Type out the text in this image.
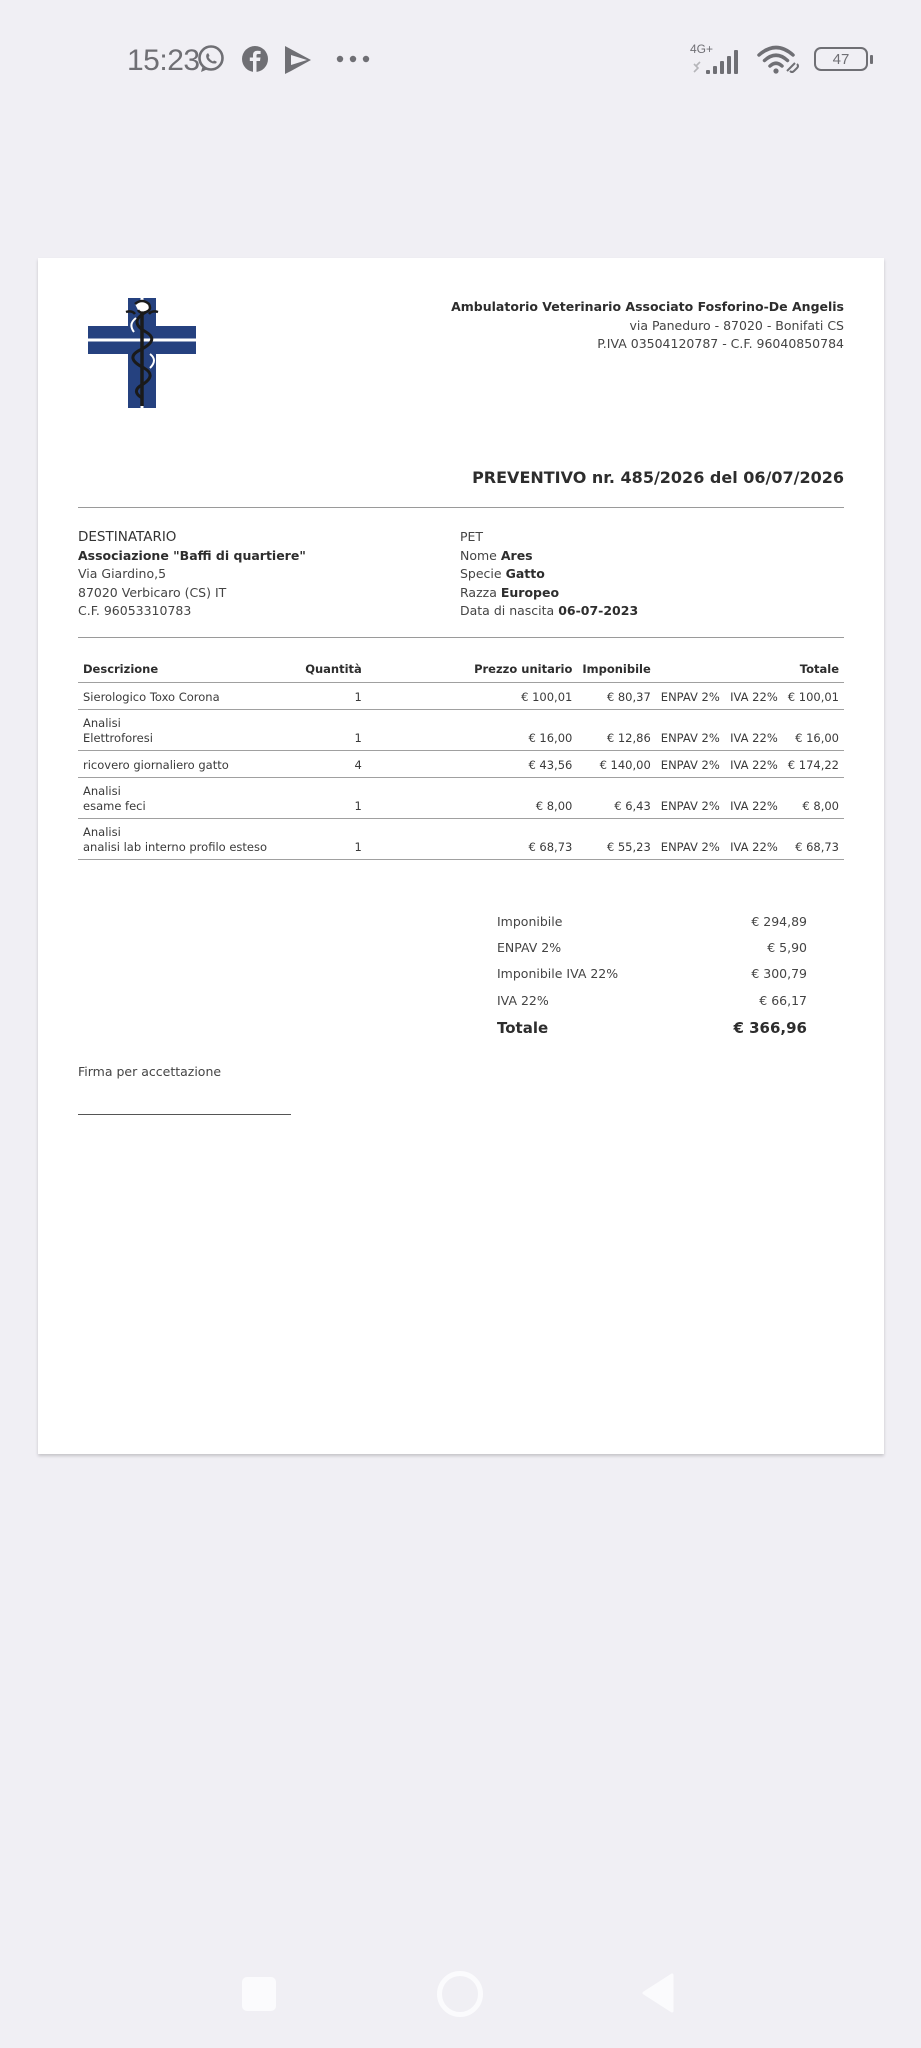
15:23	4G+
47
Ambulatorio Veterinario Associato Fosforino-De Angelis
via Paneduro - 87020 - Bonifati CS
P.IVA 03504120787 - C.F. 96040850784
PREVENTIVO nr. 485/2026 del 06/07/2026
DESTINATARIO
Associazione "Baffi di quartiere"
Via Giardino,5
87020 Verbicaro (CS) IT
C.F. 96053310783
PET
Nome Ares
Specie Gatto
Razza Europeo
Data di nascita 06-07-2023
Descrizione	Quantità	Prezzo unitario	Imponibile			Totale

Sierologico Toxo Corona	1	€ 100,01	€ 80,37	ENPAV 2%	IVA 22%	€ 100,01

Analisi
Elettroforesi	1	€ 16,00	€ 12,86	ENPAV 2%	IVA 22%	€ 16,00

ricovero giornaliero gatto	4	€ 43,56	€ 140,00	ENPAV 2%	IVA 22%	€ 174,22

Analisi
esame feci	1	€ 8,00	€ 6,43	ENPAV 2%	IVA 22%	€ 8,00

Analisi
analisi lab interno profilo esteso	1	€ 68,73	€ 55,23	ENPAV 2%	IVA 22%	€ 68,73
Imponibile	€ 294,89
ENPAV 2%	€ 5,90
Imponibile IVA 22%	€ 300,79
IVA 22%	€ 66,17
Totale	€ 366,96
Firma per accettazione
